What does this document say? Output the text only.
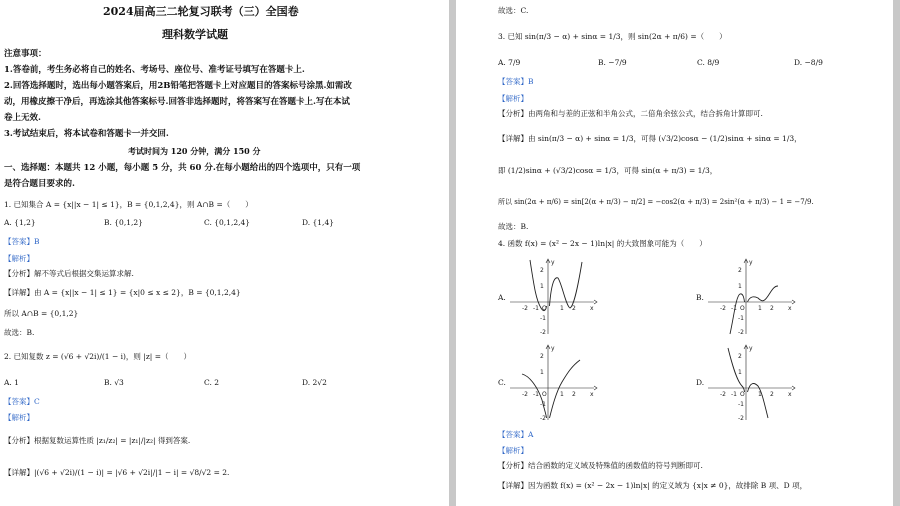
2024届高三二轮复习联考（三）全国卷
理科数学试题
注意事项：
1.答卷前，考生务必将自己的姓名、考场号、座位号、准考证号填写在答题卡上.
2.回答选择题时，选出每小题答案后，用2B铅笔把答题卡上对应题目的答案标号涂黑.如需改
动，用橡皮擦干净后，再选涂其他答案标号.回答非选择题时，将答案写在答题卡上.写在本试
卷上无效.
3.考试结束后，将本试卷和答题卡一并交回.
考试时间为 120 分钟，满分 150 分
一、选择题：本题共 12 小题，每小题 5 分，共 60 分.在每小题给出的四个选项中，只有一项
是符合题目要求的.
1. 已知集合 A = {x||x − 1| ≤ 1}，B = {0,1,2,4}，则 A∩B =（　　）
A. {1,2}	B. {0,1,2}	C. {0,1,2,4}	D. {1,4}
【答案】B
【解析】
【分析】解不等式后根据交集运算求解.
【详解】由 A = {x||x − 1| ≤ 1} = {x|0 ≤ x ≤ 2}，B = {0,1,2,4}
所以 A∩B = {0,1,2}
故选：B.
2. 已知复数 z = (√6 + √2i)/(1 − i)，则 |z| =（　　）
A. 1	B. √3	C. 2	D. 2√2
【答案】C
【解析】
【分析】根据复数运算性质 |z₁/z₂| = |z₁|/|z₂| 得到答案.
【详解】|(√6 + √2i)/(1 − i)| = |√6 + √2i|/|1 − i| = √8/√2 = 2.
故选：C.
3. 已知 sin(π/3 − α) + sinα = 1/3，则 sin(2α + π/6) =（　　）
A. 7/9	B. −7/9	C. 8/9	D. −8/9
【答案】B
【解析】
【分析】由两角和与差的正弦和半角公式，二倍角余弦公式，结合拆角计算即可.
【详解】由 sin(π/3 − α) + sinα = 1/3，可得 (√3/2)cosα − (1/2)sinα + sinα = 1/3，
即 (1/2)sinα + (√3/2)cosα = 1/3，可得 sin(α + π/3) = 1/3，
所以 sin(2α + π/6) = sin[2(α + π/3) − π/2] = −cos2(α + π/3) = 2sin²(α + π/3) − 1 = −7/9.
故选：B.
4. 函数 f(x) = (x² − 2x − 1)ln|x| 的大致图象可能为（　　）
A.
2
1
-1
-2
-2 -1 O 1 2 x
y
B.
2
1
-1
-2
-2 -1 O 1 2 x
y
C.
2
1
-1
-2
-2 -1 O 1 2 x
y
D.
2
1
-1
-2
-2 -1 O 1 2 x
y
【答案】A
【解析】
【分析】结合函数的定义域及特殊值的函数值的符号判断即可.
【详解】因为函数 f(x) = (x² − 2x − 1)ln|x| 的定义域为 {x|x ≠ 0}，故排除 B 项、D 项，
